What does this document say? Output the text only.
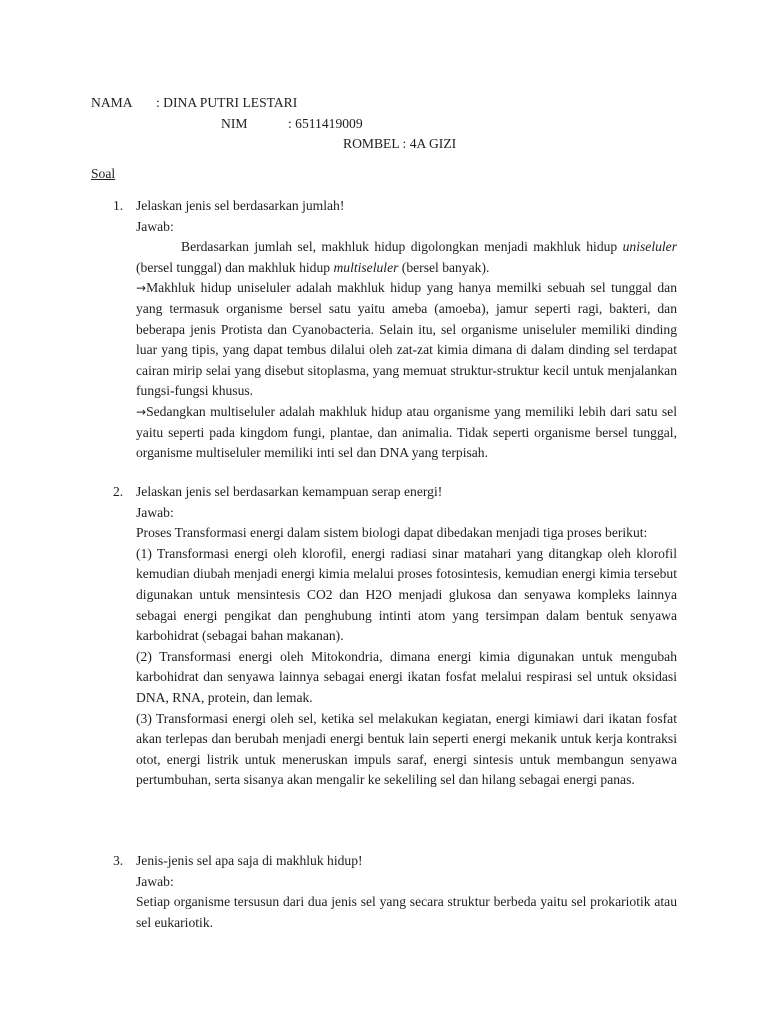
NAMA : DINA PUTRI LESTARI
NIM	: 6511419009
ROMBEL : 4A GIZI
Soal
1. Jelaskan jenis sel berdasarkan jumlah!
Jawab:
Berdasarkan jumlah sel, makhluk hidup digolongkan menjadi makhluk hidup uniseluler (bersel tunggal) dan makhluk hidup multiseluler (bersel banyak).
→Makhluk hidup uniseluler adalah makhluk hidup yang hanya memilki sebuah sel tunggal dan yang termasuk organisme bersel satu yaitu ameba (amoeba), jamur seperti ragi, bakteri, dan beberapa jenis Protista dan Cyanobacteria. Selain itu, sel organisme uniseluler memiliki dinding luar yang tipis, yang dapat tembus dilalui oleh zat-zat kimia dimana di dalam dinding sel terdapat cairan mirip selai yang disebut sitoplasma, yang memuat struktur-struktur kecil untuk menjalankan fungsi-fungsi khusus.
→Sedangkan multiseluler adalah makhluk hidup atau organisme yang memiliki lebih dari satu sel yaitu seperti pada kingdom fungi, plantae, dan animalia. Tidak seperti organisme bersel tunggal, organisme multiseluler memiliki inti sel dan DNA yang terpisah.
2. Jelaskan jenis sel berdasarkan kemampuan serap energi!
Jawab:
Proses Transformasi energi dalam sistem biologi dapat dibedakan menjadi tiga proses berikut:
(1) Transformasi energi oleh klorofil, energi radiasi sinar matahari yang ditangkap oleh klorofil kemudian diubah menjadi energi kimia melalui proses fotosintesis, kemudian energi kimia tersebut digunakan untuk mensintesis CO2 dan H2O menjadi glukosa dan senyawa kompleks lainnya sebagai energi pengikat dan penghubung intinti atom yang tersimpan dalam bentuk senyawa karbohidrat (sebagai bahan makanan).
(2) Transformasi energi oleh Mitokondria, dimana energi kimia digunakan untuk mengubah karbohidrat dan senyawa lainnya sebagai energi ikatan fosfat melalui respirasi sel untuk oksidasi DNA, RNA, protein, dan lemak.
(3) Transformasi energi oleh sel, ketika sel melakukan kegiatan, energi kimiawi dari ikatan fosfat akan terlepas dan berubah menjadi energi bentuk lain seperti energi mekanik untuk kerja kontraksi otot, energi listrik untuk meneruskan impuls saraf, energi sintesis untuk membangun senyawa pertumbuhan, serta sisanya akan mengalir ke sekeliling sel dan hilang sebagai energi panas.
3. Jenis-jenis sel apa saja di makhluk hidup!
Jawab:
Setiap organisme tersusun dari dua jenis sel yang secara struktur berbeda yaitu sel prokariotik atau sel eukariotik.
